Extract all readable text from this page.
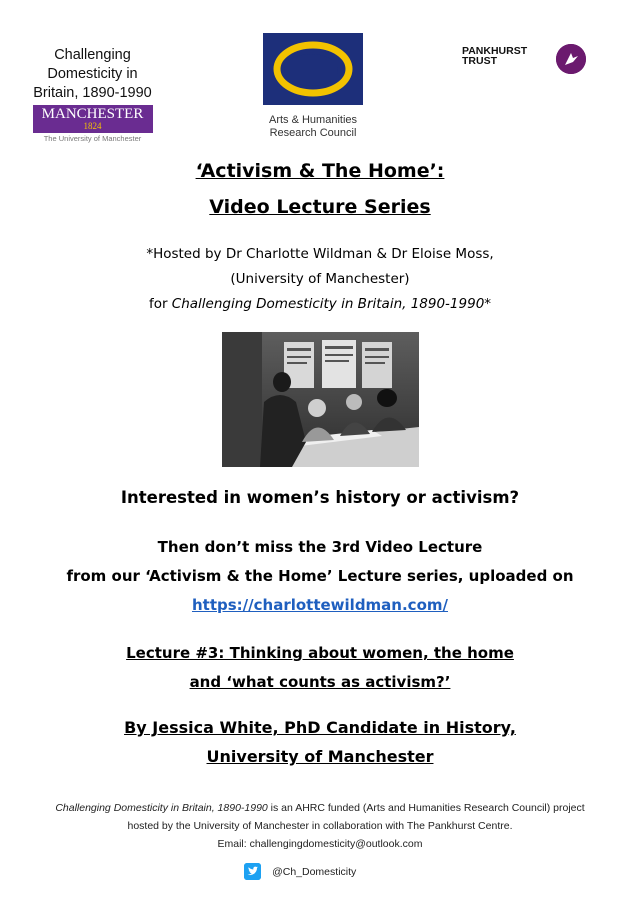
Challenging
Domesticity in
Britain, 1890-1990
MANCHESTER
1824
The University of Manchester
Arts & Humanities
Research Council
PANKHURST
TRUST
‘Activism & The Home’:
Video Lecture Series
*Hosted by Dr Charlotte Wildman & Dr Eloise Moss,
(University of Manchester)
for Challenging Domesticity in Britain, 1890-1990*
Interested in women’s history or activism?
Then don’t miss the 3rd Video Lecture
from our ‘Activism & the Home’ Lecture series, uploaded on
https://charlottewildman.com/
Lecture #3: Thinking about women, the home
and ‘what counts as activism?’
By Jessica White, PhD Candidate in History,
University of Manchester
Challenging Domesticity in Britain, 1890-1990 is an AHRC funded (Arts and Humanities Research Council) project
hosted by the University of Manchester in collaboration with The Pankhurst Centre.
Email: challengingdomesticity@outlook.com
@Ch_Domesticity
